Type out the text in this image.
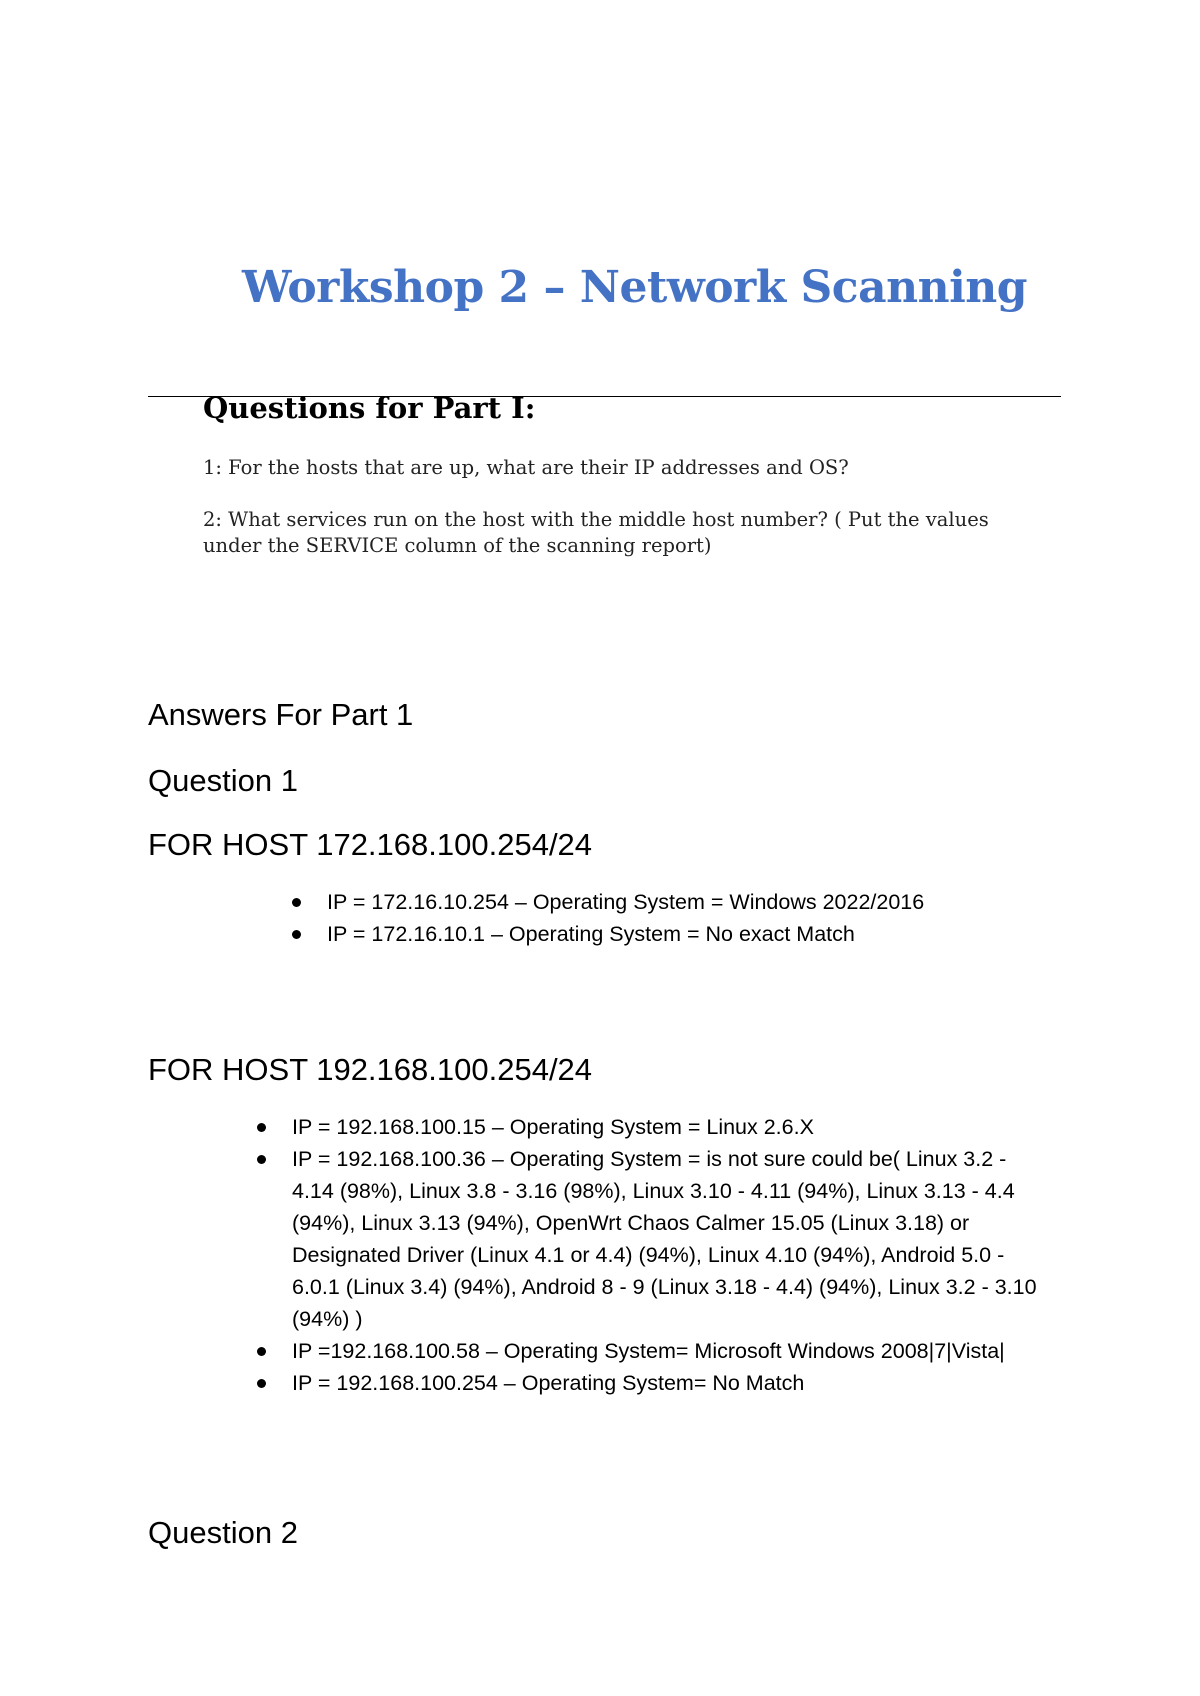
Workshop 2 – Network Scanning
Questions for Part I:

1: For the hosts that are up, what are their IP addresses and OS?

2: What services run on the host with the middle host number? ( Put the values under the SERVICE column of the scanning report)

Answers For Part 1
Question 1
FOR HOST 172.168.100.254/24
IP = 172.16.10.254 – Operating System = Windows 2022/2016
IP = 172.16.10.1 – Operating System = No exact Match
FOR HOST 192.168.100.254/24
IP = 192.168.100.15 – Operating System = Linux 2.6.X
IP = 192.168.100.36 – Operating System = is not sure could be( Linux 3.2 - 4.14 (98%), Linux 3.8 - 3.16 (98%), Linux 3.10 - 4.11 (94%), Linux 3.13 - 4.4 (94%), Linux 3.13 (94%), OpenWrt Chaos Calmer 15.05 (Linux 3.18) or Designated Driver (Linux 4.1 or 4.4) (94%), Linux 4.10 (94%), Android 5.0 - 6.0.1 (Linux 3.4) (94%), Android 8 - 9 (Linux 3.18 - 4.4) (94%), Linux 3.2 - 3.10 (94%) )
IP =192.168.100.58 – Operating System= Microsoft Windows 2008|7|Vista|
IP = 192.168.100.254 – Operating System= No Match
Question 2
